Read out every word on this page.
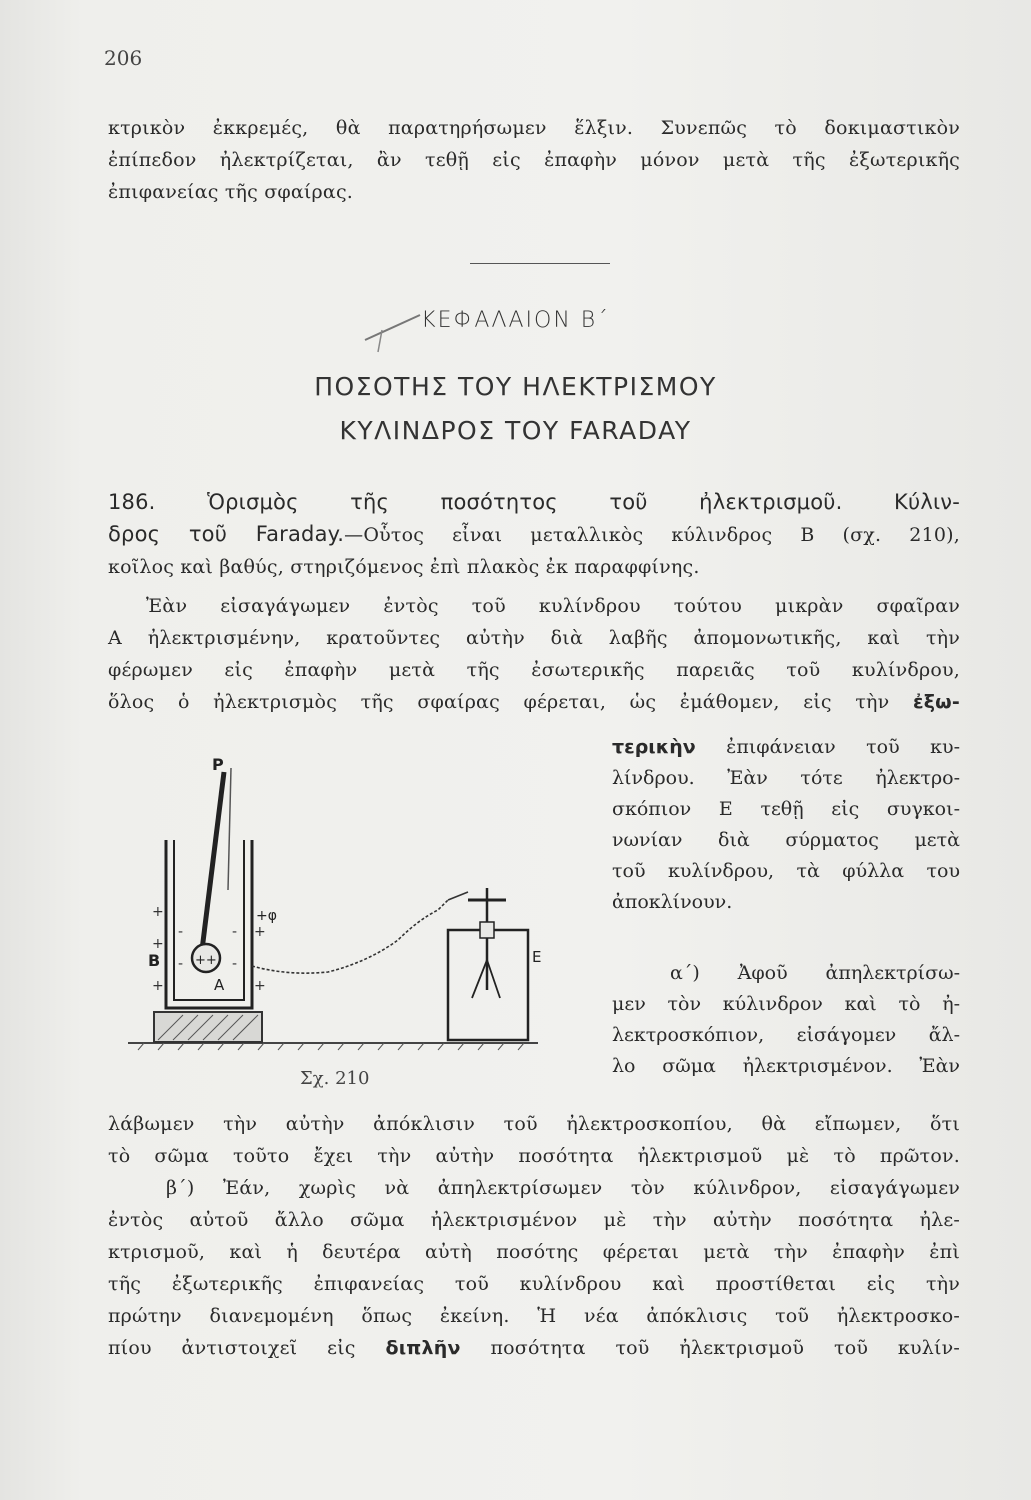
206
κτρικὸν ἐκκρεμές, θὰ παρατηρήσωμεν ἕλξιν. Συνεπῶς τὸ δοκιμαστικὸν
ἐπίπεδον ἠλεκτρίζεται, ἂν τεθῇ εἰς ἐπαφὴν μόνον μετὰ τῆς ἐξωτερικῆς
ἐπιφανείας τῆς σφαίρας.
ΚΕΦΑΛΑΙΟΝ Β΄
ΠΟΣΟΤΗΣ ΤΟΥ ΗΛΕΚΤΡΙΣΜΟΥ
ΚΥΛΙΝΔΡΟΣ ΤΟΥ FARADAY
186. Ὁρισμὸς τῆς ποσότητος τοῦ ἠλεκτρισμοῦ. Κύλιν-
δρος τοῦ Faraday.—Οὗτος εἶναι μεταλλικὸς κύλινδρος Β (σχ. 210),
κοῖλος καὶ βαθύς, στηριζόμενος ἐπὶ πλακὸς ἐκ παραφφίνης.
Ἐὰν εἰσαγάγωμεν ἐντὸς τοῦ κυλίνδρου τούτου μικρὰν σφαῖραν
Α ἠλεκτρισμένην, κρατοῦντες αὐτὴν διὰ λαβῆς ἀπομονωτικῆς, καὶ τὴν
φέρωμεν εἰς ἐπαφὴν μετὰ τῆς ἐσωτερικῆς παρειᾶς τοῦ κυλίνδρου,
ὅλος ὁ ἠλεκτρισμὸς τῆς σφαίρας φέρεται, ὡς ἐμάθομεν, εἰς τὴν ἐξω-
τερικὴν ἐπιφάνειαν τοῦ κυ-
λίνδρου. Ἐὰν τότε ἠλεκτρο-
σκόπιον Ε τεθῇ εἰς συγκοι-
νωνίαν διὰ σύρματος μετὰ
τοῦ κυλίνδρου, τὰ φύλλα του
ἀποκλίνουν.
α΄) Ἀφοῦ ἀπηλεκτρίσω-
μεν τὸν κύλινδρον καὶ τὸ ἠ-
λεκτροσκόπιον, εἰσάγομεν ἄλ-
λο σῶμα ἠλεκτρισμένον. Ἐὰν
++
+
+
+
+
+
-
-
-
-
B
A
P
+φ
E
Σχ. 210
λάβωμεν τὴν αὐτὴν ἀπόκλισιν τοῦ ἠλεκτροσκοπίου, θὰ εἴπωμεν, ὅτι
τὸ σῶμα τοῦτο ἔχει τὴν αὐτὴν ποσότητα ἠλεκτρισμοῦ μὲ τὸ πρῶτον.
β΄) Ἐάν, χωρὶς νὰ ἀπηλεκτρίσωμεν τὸν κύλινδρον, εἰσαγάγωμεν
ἐντὸς αὐτοῦ ἄλλο σῶμα ἠλεκτρισμένον μὲ τὴν αὐτὴν ποσότητα ἠλε-
κτρισμοῦ, καὶ ἡ δευτέρα αὐτὴ ποσότης φέρεται μετὰ τὴν ἐπαφὴν ἐπὶ
τῆς ἐξωτερικῆς ἐπιφανείας τοῦ κυλίνδρου καὶ προστίθεται εἰς τὴν
πρώτην διανεμομένη ὅπως ἐκείνη. Ἡ νέα ἀπόκλισις τοῦ ἠλεκτροσκο-
πίου ἀντιστοιχεῖ εἰς διπλῆν ποσότητα τοῦ ἠλεκτρισμοῦ τοῦ κυλίν-
